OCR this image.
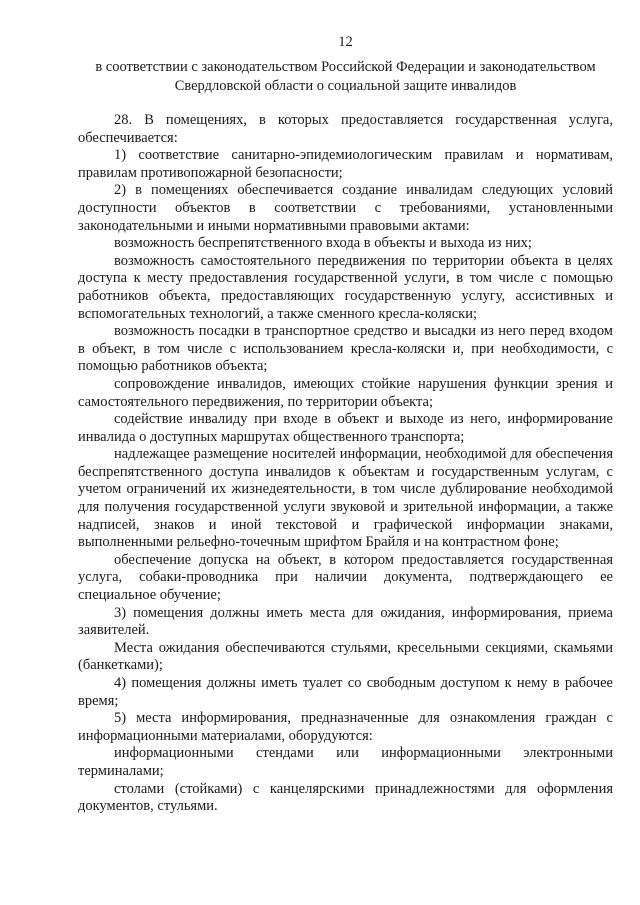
12
в соответствии с законодательством Российской Федерации и законодательством Свердловской области о социальной защите инвалидов

28. В помещениях, в которых предоставляется государственная услуга, обеспечивается:

1) соответствие санитарно-эпидемиологическим правилам и нормативам, правилам противопожарной безопасности;

2) в помещениях обеспечивается создание инвалидам следующих условий доступности объектов в соответствии с требованиями, установленными законодательными и иными нормативными правовыми актами:

возможность беспрепятственного входа в объекты и выхода из них;

возможность самостоятельного передвижения по территории объекта в целях доступа к месту предоставления государственной услуги, в том числе с помощью работников объекта, предоставляющих государственную услугу, ассистивных и вспомогательных технологий, а также сменного кресла-коляски;

возможность посадки в транспортное средство и высадки из него перед входом в объект, в том числе с использованием кресла-коляски и, при необходимости, с помощью работников объекта;

сопровождение инвалидов, имеющих стойкие нарушения функции зрения и самостоятельного передвижения, по территории объекта;

содействие инвалиду при входе в объект и выходе из него, информирование инвалида о доступных маршрутах общественного транспорта;

надлежащее размещение носителей информации, необходимой для обеспечения беспрепятственного доступа инвалидов к объектам и государственным услугам, с учетом ограничений их жизнедеятельности, в том числе дублирование необходимой для получения государственной услуги звуковой и зрительной информации, а также надписей, знаков и иной текстовой и графической информации знаками, выполненными рельефно-точечным шрифтом Брайля и на контрастном фоне;

обеспечение допуска на объект, в котором предоставляется государственная услуга, собаки-проводника при наличии документа, подтверждающего ее специальное обучение;

3) помещения должны иметь места для ожидания, информирования, приема заявителей.

Места ожидания обеспечиваются стульями, кресельными секциями, скамьями (банкетками);

4) помещения должны иметь туалет со свободным доступом к нему в рабочее время;

5) места информирования, предназначенные для ознакомления граждан с информационными материалами, оборудуются:

информационными стендами или информационными электронными терминалами;

столами (стойками) с канцелярскими принадлежностями для оформления документов, стульями.
